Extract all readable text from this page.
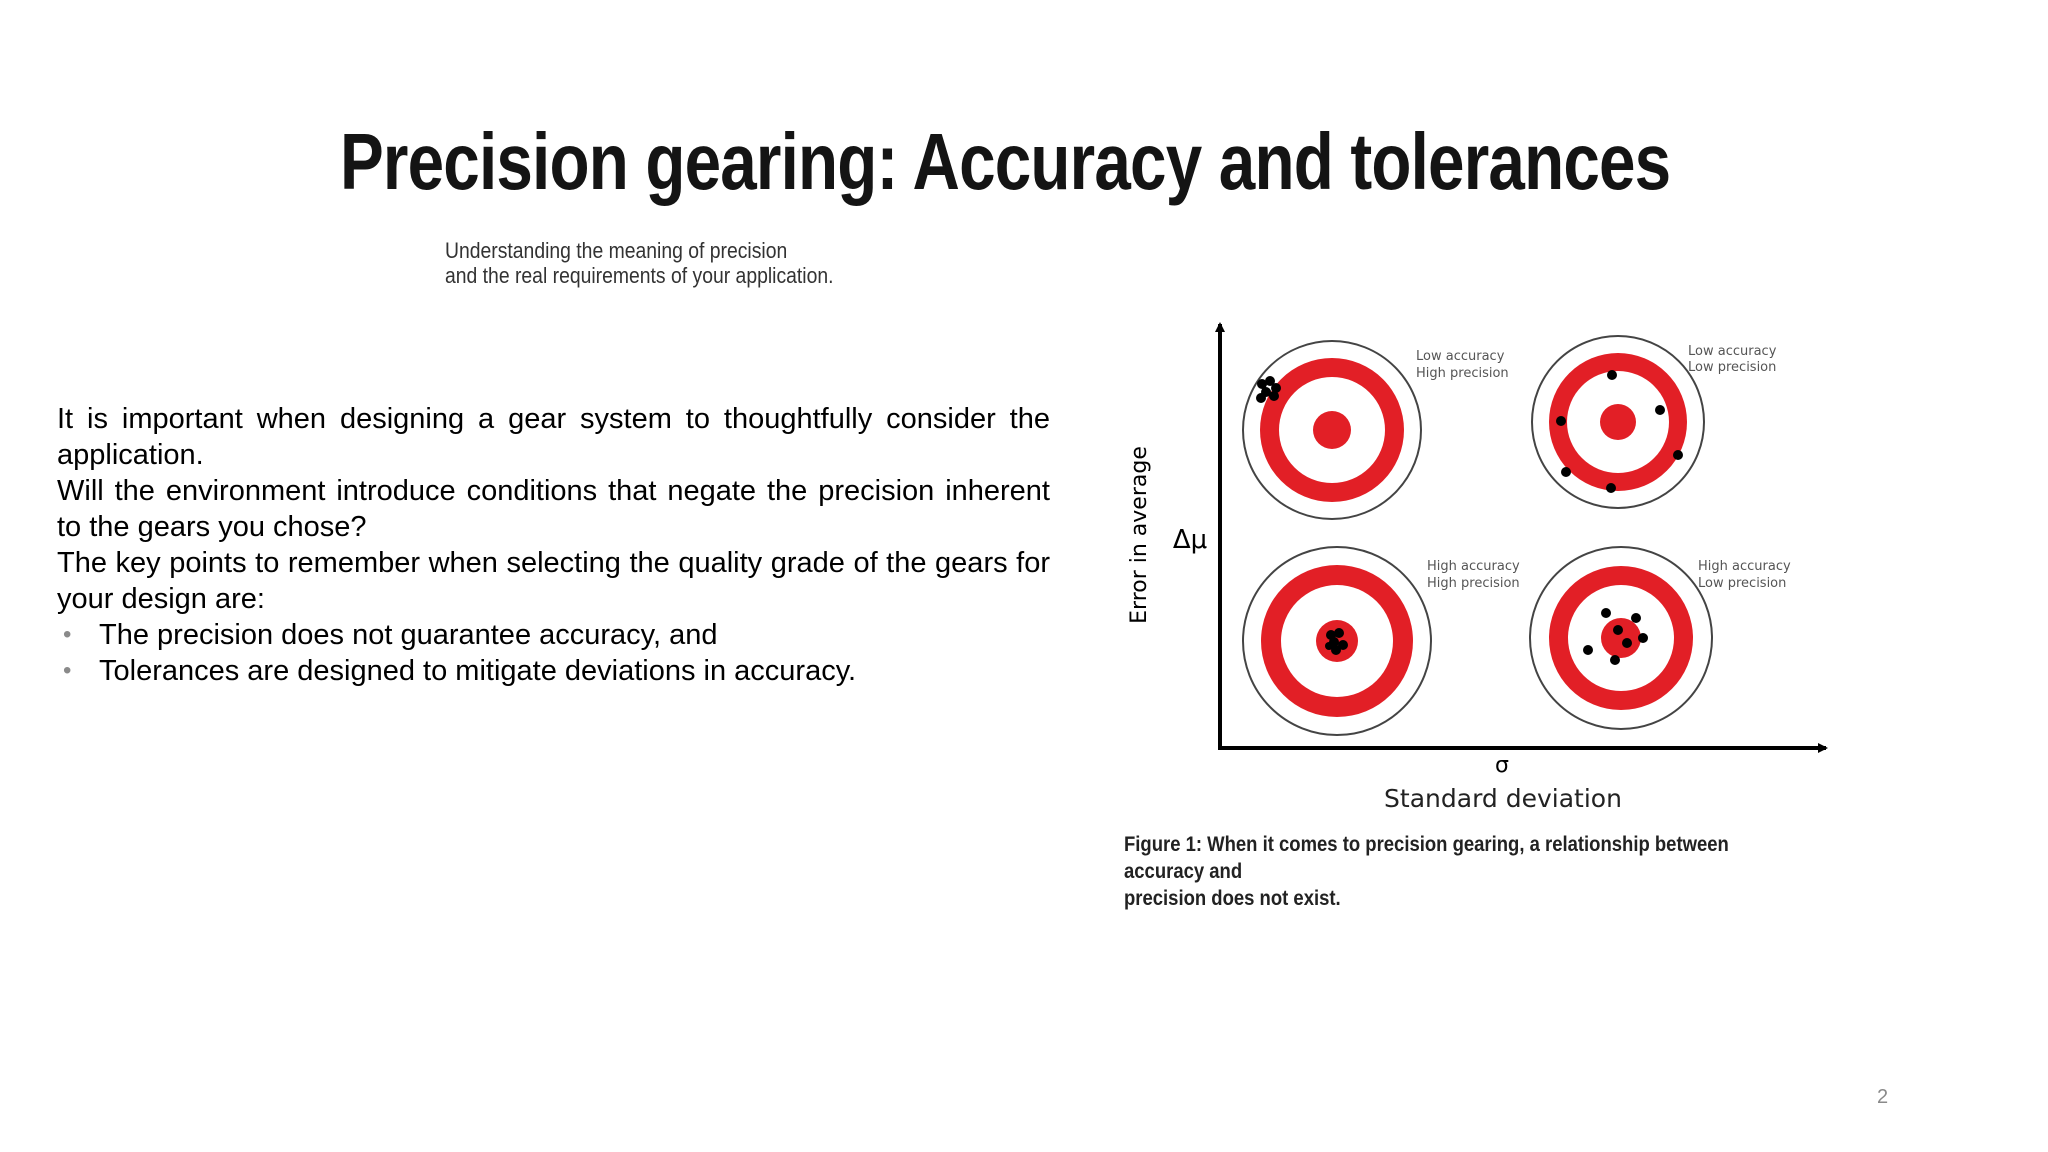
Precision gearing: Accuracy and tolerances
Understanding the meaning of precision
and the real requirements of your application.

It is important when designing a gear system to thoughtfully consider the application.

Will the environment introduce conditions that negate the precision inherent to the gears you chose?

The key points to remember when selecting the quality grade of the gears for your design are:

• The precision does not guarantee accuracy, and
• Tolerances are designed to mitigate deviations in accuracy.
Error in average Δμ
σ
Standard deviation
Low accuracy
High precision
Low accuracy
Low precision
High accuracy
High precision
High accuracy
Low precision
Figure 1: When it comes to precision gearing, a relationship between accuracy and
precision does not exist.
2
